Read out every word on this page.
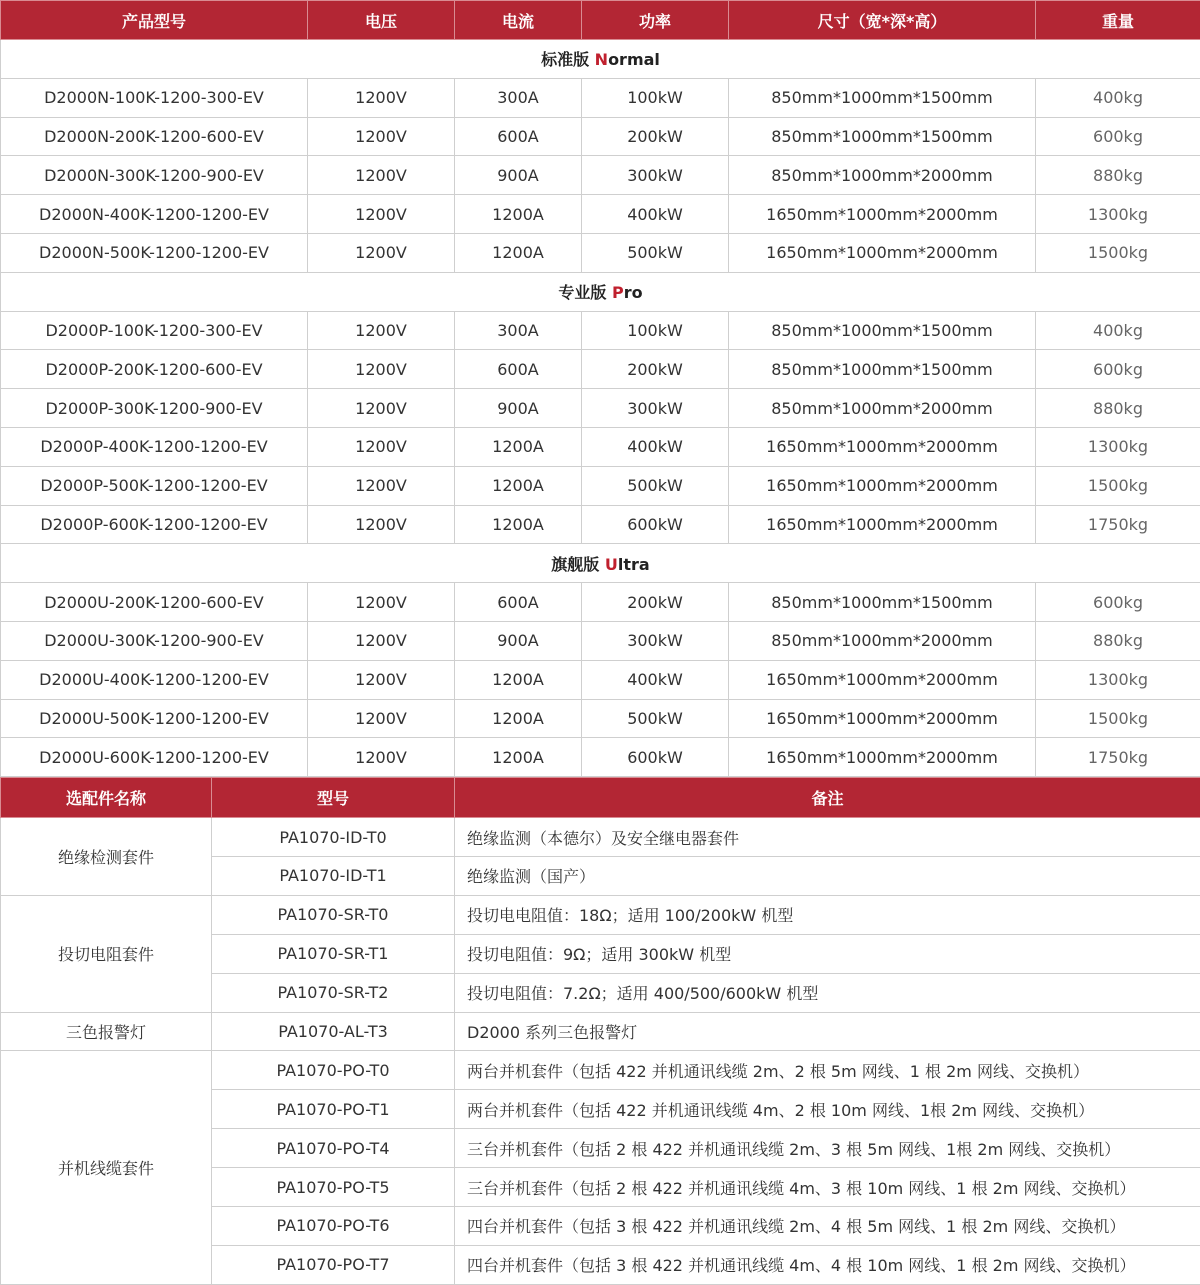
产品型号	电压	电流	功率	尺寸（宽*深*高）	重量
标准版 Normal					
D2000N-100K-1200-300-EV	1200V	300A	100kW	850mm*1000mm*1500mm	400kg
D2000N-200K-1200-600-EV	1200V	600A	200kW	850mm*1000mm*1500mm	600kg
D2000N-300K-1200-900-EV	1200V	900A	300kW	850mm*1000mm*2000mm	880kg
D2000N-400K-1200-1200-EV	1200V	1200A	400kW	1650mm*1000mm*2000mm	1300kg
D2000N-500K-1200-1200-EV	1200V	1200A	500kW	1650mm*1000mm*2000mm	1500kg
专业版 Pro					
D2000P-100K-1200-300-EV	1200V	300A	100kW	850mm*1000mm*1500mm	400kg
D2000P-200K-1200-600-EV	1200V	600A	200kW	850mm*1000mm*1500mm	600kg
D2000P-300K-1200-900-EV	1200V	900A	300kW	850mm*1000mm*2000mm	880kg
D2000P-400K-1200-1200-EV	1200V	1200A	400kW	1650mm*1000mm*2000mm	1300kg
D2000P-500K-1200-1200-EV	1200V	1200A	500kW	1650mm*1000mm*2000mm	1500kg
D2000P-600K-1200-1200-EV	1200V	1200A	600kW	1650mm*1000mm*2000mm	1750kg
旗舰版 Ultra					
D2000U-200K-1200-600-EV	1200V	600A	200kW	850mm*1000mm*1500mm	600kg
D2000U-300K-1200-900-EV	1200V	900A	300kW	850mm*1000mm*2000mm	880kg
D2000U-400K-1200-1200-EV	1200V	1200A	400kW	1650mm*1000mm*2000mm	1300kg
D2000U-500K-1200-1200-EV	1200V	1200A	500kW	1650mm*1000mm*2000mm	1500kg
D2000U-600K-1200-1200-EV	1200V	1200A	600kW	1650mm*1000mm*2000mm	1750kg
选配件名称	型号	备注
绝缘检测套件	PA1070-ID-T0	绝缘监测（本德尔）及安全继电器套件
	PA1070-ID-T1	绝缘监测（国产）
投切电阻套件	PA1070-SR-T0	投切电电阻值：18Ω；适用 100/200kW 机型
	PA1070-SR-T1	投切电阻值：9Ω；适用 300kW 机型
	PA1070-SR-T2	投切电阻值：7.2Ω；适用 400/500/600kW 机型
三色报警灯	PA1070-AL-T3	D2000 系列三色报警灯
并机线缆套件	PA1070-PO-T0	两台并机套件（包括 422 并机通讯线缆 2m、2 根 5m 网线、1 根 2m 网线、交换机）
	PA1070-PO-T1	两台并机套件（包括 422 并机通讯线缆 4m、2 根 10m 网线、1根 2m 网线、交换机）
	PA1070-PO-T4	三台并机套件（包括 2 根 422 并机通讯线缆 2m、3 根 5m 网线、1根 2m 网线、交换机）
	PA1070-PO-T5	三台并机套件（包括 2 根 422 并机通讯线缆 4m、3 根 10m 网线、1 根 2m 网线、交换机）
	PA1070-PO-T6	四台并机套件（包括 3 根 422 并机通讯线缆 2m、4 根 5m 网线、1 根 2m 网线、交换机）
	PA1070-PO-T7	四台并机套件（包括 3 根 422 并机通讯线缆 4m、4 根 10m 网线、1 根 2m 网线、交换机）
